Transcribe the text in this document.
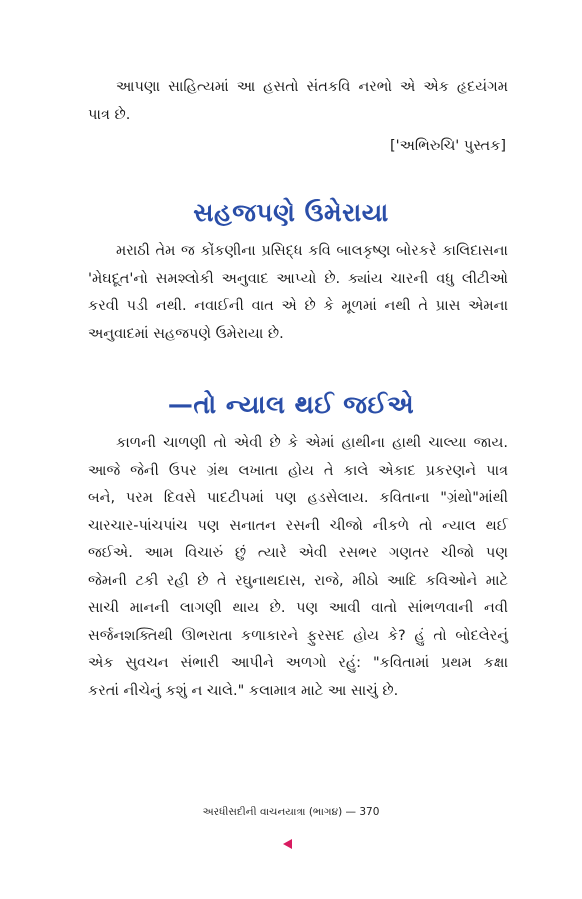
આપણા સાહિત્યમાં આ હસતો સંતકવિ નરભો એ એક હૃદયંગમ
પાત્ર છે.

['અભિરુચિ' પુસ્તક]

સહજપણે ઉમેરાયા

મરાઠી તેમ જ કોંકણીના પ્રસિદ્ધ કવિ બાલકૃષ્ણ બોરકરે કાલિદાસના
'મેઘદૂત'નો સમશ્લોકી અનુવાદ આપ્યો છે. ક્યાંય ચારની વધુ લીટીઓ
કરવી પડી નથી. નવાઈની વાત એ છે કે મૂળમાં નથી તે પ્રાસ એમના
અનુવાદમાં સહજપણે ઉમેરાયા છે.

—તો ન્યાલ થઈ જઈએ

કાળની ચાળણી તો એવી છે કે એમાં હાથીના હાથી ચાલ્યા જાય.
આજે જેની ઉપર ગ્રંથ લખાતા હોય તે કાલે એકાદ પ્રકરણને પાત્ર
બને, પરમ દિવસે પાદટીપમાં પણ હડસેલાય. કવિતાના "ગ્રંથો"માંથી
ચારચાર-પાંચપાંચ પણ સનાતન રસની ચીજો નીકળે તો ન્યાલ થઈ
જઈએ. આમ વિચારું છું ત્યારે એવી રસભર ગણતર ચીજો પણ
જેમની ટકી રહી છે તે રઘુનાથદાસ, રાજે, મીઠો આદિ કવિઓને માટે
સાચી માનની લાગણી થાય છે. પણ આવી વાતો સાંભળવાની નવી
સર્જનશક્તિથી ઊભરાતા કળાકારને ફુરસદ હોય કે? હું તો બોદલેરનું
એક સુવચન સંભારી આપીને અળગો રહું: "કવિતામાં પ્રથમ કક્ષા
કરતાં નીચેનું કશું ન ચાલે." કલામાત્ર માટે આ સાચું છે.

અરધીસદીની વાચનયાત્રા (ભાગ૪) — 370
